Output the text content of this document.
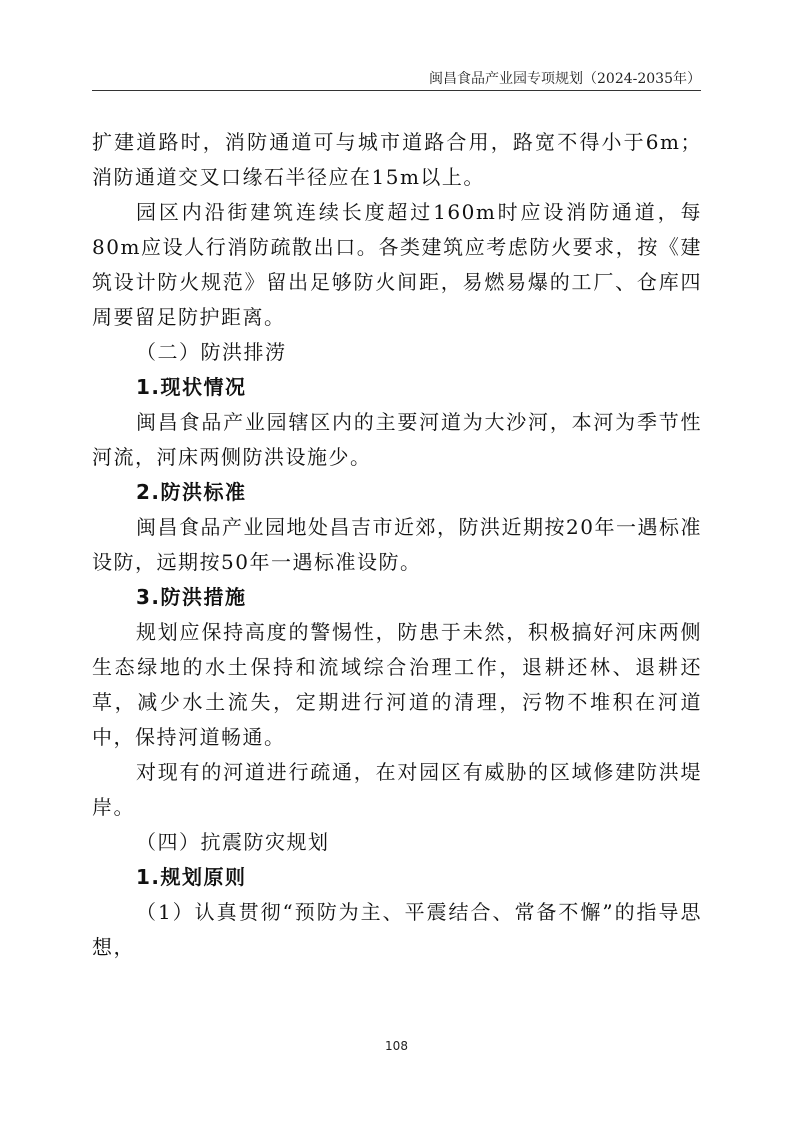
闽昌食品产业园专项规划（2024-2035年）

扩建道路时，消防通道可与城市道路合用，路宽不得小于6m；消防通道交叉口缘石半径应在15m以上。

园区内沿街建筑连续长度超过160m时应设消防通道，每80m应设人行消防疏散出口。各类建筑应考虑防火要求，按《建筑设计防火规范》留出足够防火间距，易燃易爆的工厂、仓库四周要留足防护距离。

（二）防洪排涝

1.现状情况

闽昌食品产业园辖区内的主要河道为大沙河，本河为季节性河流，河床两侧防洪设施少。

2.防洪标准

闽昌食品产业园地处昌吉市近郊，防洪近期按20年一遇标准设防，远期按50年一遇标准设防。

3.防洪措施

规划应保持高度的警惕性，防患于未然，积极搞好河床两侧生态绿地的水土保持和流域综合治理工作，退耕还林、退耕还草，减少水土流失，定期进行河道的清理，污物不堆积在河道中，保持河道畅通。

对现有的河道进行疏通，在对园区有威胁的区域修建防洪堤岸。

（四）抗震防灾规划

1.规划原则

（1）认真贯彻“预防为主、平震结合、常备不懈”的指导思想，

108
